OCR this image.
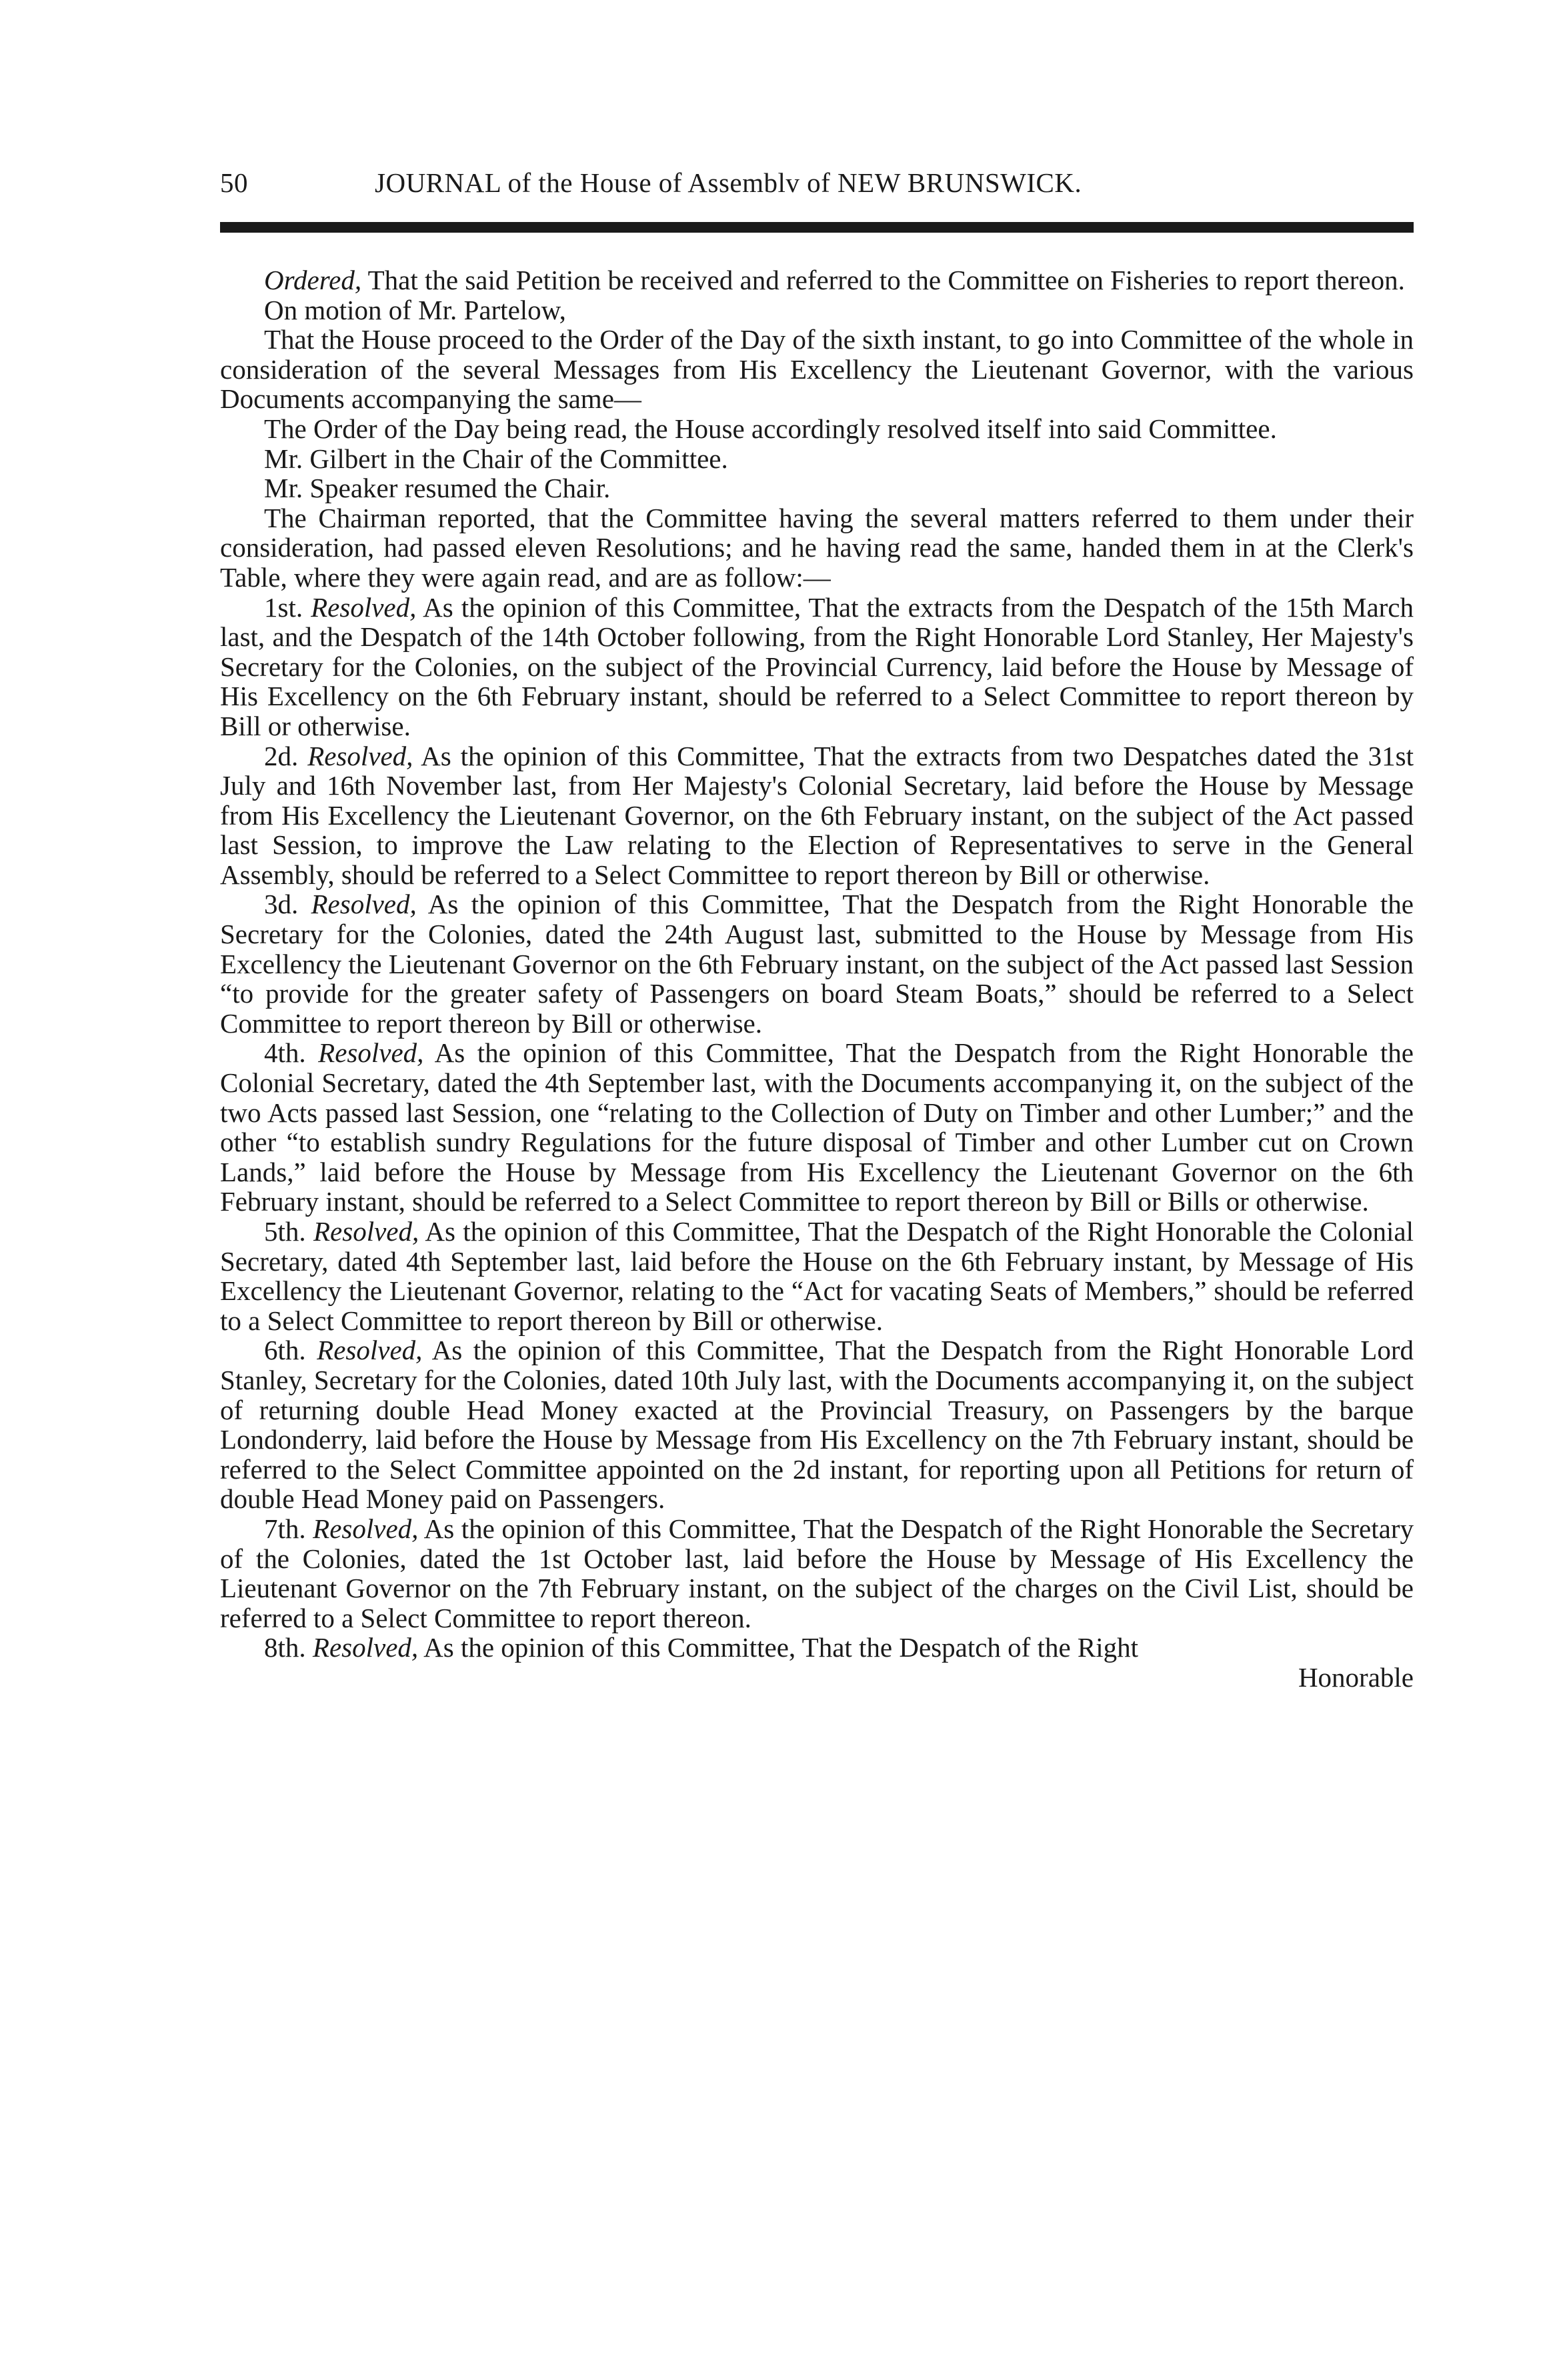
50	JOURNAL of the House of Assemblv of NEW BRUNSWICK.

Ordered, That the said Petition be received and referred to the Committee on Fisheries to report thereon.

On motion of Mr. Partelow,

That the House proceed to the Order of the Day of the sixth instant, to go into Committee of the whole in consideration of the several Messages from His Excellency the Lieutenant Governor, with the various Documents accompanying the same—

The Order of the Day being read, the House accordingly resolved itself into said Committee.

Mr. Gilbert in the Chair of the Committee.

Mr. Speaker resumed the Chair.

The Chairman reported, that the Committee having the several matters referred to them under their consideration, had passed eleven Resolutions; and he having read the same, handed them in at the Clerk's Table, where they were again read, and are as follow:—

1st. Resolved, As the opinion of this Committee, That the extracts from the Despatch of the 15th March last, and the Despatch of the 14th October following, from the Right Honorable Lord Stanley, Her Majesty's Secretary for the Colonies, on the subject of the Provincial Currency, laid before the House by Message of His Excellency on the 6th February instant, should be referred to a Select Committee to report thereon by Bill or otherwise.

2d. Resolved, As the opinion of this Committee, That the extracts from two Despatches dated the 31st July and 16th November last, from Her Majesty's Colonial Secretary, laid before the House by Message from His Excellency the Lieutenant Governor, on the 6th February instant, on the subject of the Act passed last Session, to improve the Law relating to the Election of Representatives to serve in the General Assembly, should be referred to a Select Committee to report thereon by Bill or otherwise.

3d. Resolved, As the opinion of this Committee, That the Despatch from the Right Honorable the Secretary for the Colonies, dated the 24th August last, submitted to the House by Message from His Excellency the Lieutenant Governor on the 6th February instant, on the subject of the Act passed last Session “to provide for the greater safety of Passengers on board Steam Boats,” should be referred to a Select Committee to report thereon by Bill or otherwise.

4th. Resolved, As the opinion of this Committee, That the Despatch from the Right Honorable the Colonial Secretary, dated the 4th September last, with the Documents accompanying it, on the subject of the two Acts passed last Session, one “relating to the Collection of Duty on Timber and other Lumber;” and the other “to establish sundry Regulations for the future disposal of Timber and other Lumber cut on Crown Lands,” laid before the House by Message from His Excellency the Lieutenant Governor on the 6th February instant, should be referred to a Select Committee to report thereon by Bill or Bills or otherwise.

5th. Resolved, As the opinion of this Committee, That the Despatch of the Right Honorable the Colonial Secretary, dated 4th September last, laid before the House on the 6th February instant, by Message of His Excellency the Lieutenant Governor, relating to the “Act for vacating Seats of Members,” should be referred to a Select Committee to report thereon by Bill or otherwise.

6th. Resolved, As the opinion of this Committee, That the Despatch from the Right Honorable Lord Stanley, Secretary for the Colonies, dated 10th July last, with the Documents accompanying it, on the subject of returning double Head Money exacted at the Provincial Treasury, on Passengers by the barque Londonderry, laid before the House by Message from His Excellency on the 7th February instant, should be referred to the Select Committee appointed on the 2d instant, for reporting upon all Petitions for return of double Head Money paid on Passengers.

7th. Resolved, As the opinion of this Committee, That the Despatch of the Right Honorable the Secretary of the Colonies, dated the 1st October last, laid before the House by Message of His Excellency the Lieutenant Governor on the 7th February instant, on the subject of the charges on the Civil List, should be referred to a Select Committee to report thereon.

8th. Resolved, As the opinion of this Committee, That the Despatch of the Right

Honorable
